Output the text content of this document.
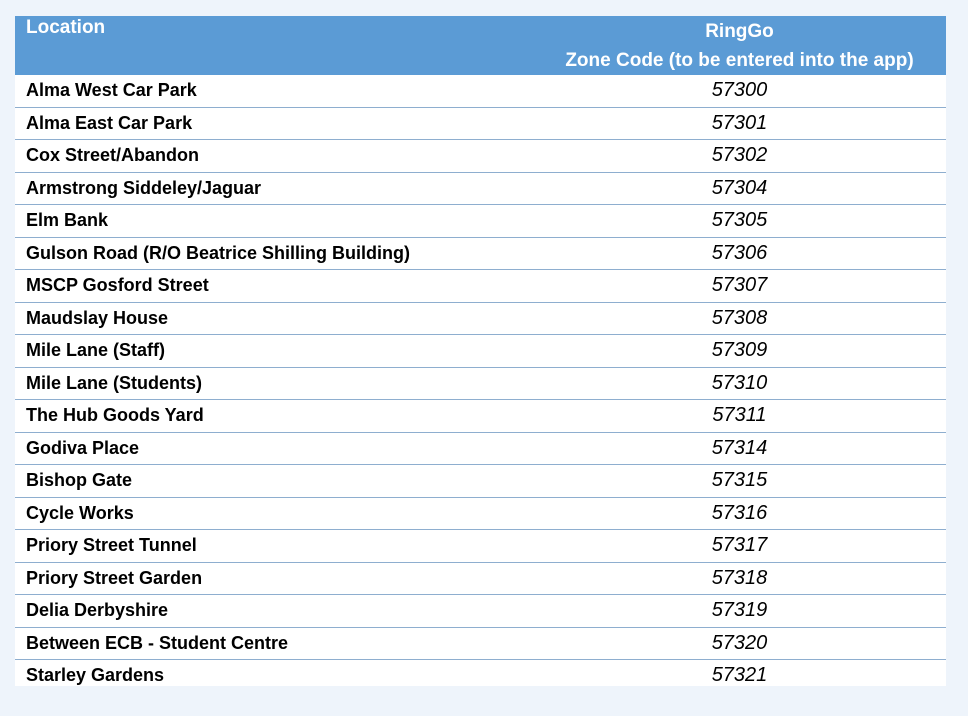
Location	RingGo
Zone Code (to be entered into the app)

Alma West Car Park	57300
Alma East Car Park	57301
Cox Street/Abandon	57302
Armstrong Siddeley/Jaguar	57304
Elm Bank	57305
Gulson Road (R/O Beatrice Shilling Building)	57306
MSCP Gosford Street	57307
Maudslay House	57308
Mile Lane (Staff)	57309
Mile Lane (Students)	57310
The Hub Goods Yard	57311
Godiva Place	57314
Bishop Gate	57315
Cycle Works	57316
Priory Street Tunnel	57317
Priory Street Garden	57318
Delia Derbyshire	57319
Between ECB - Student Centre	57320
Starley Gardens	57321
